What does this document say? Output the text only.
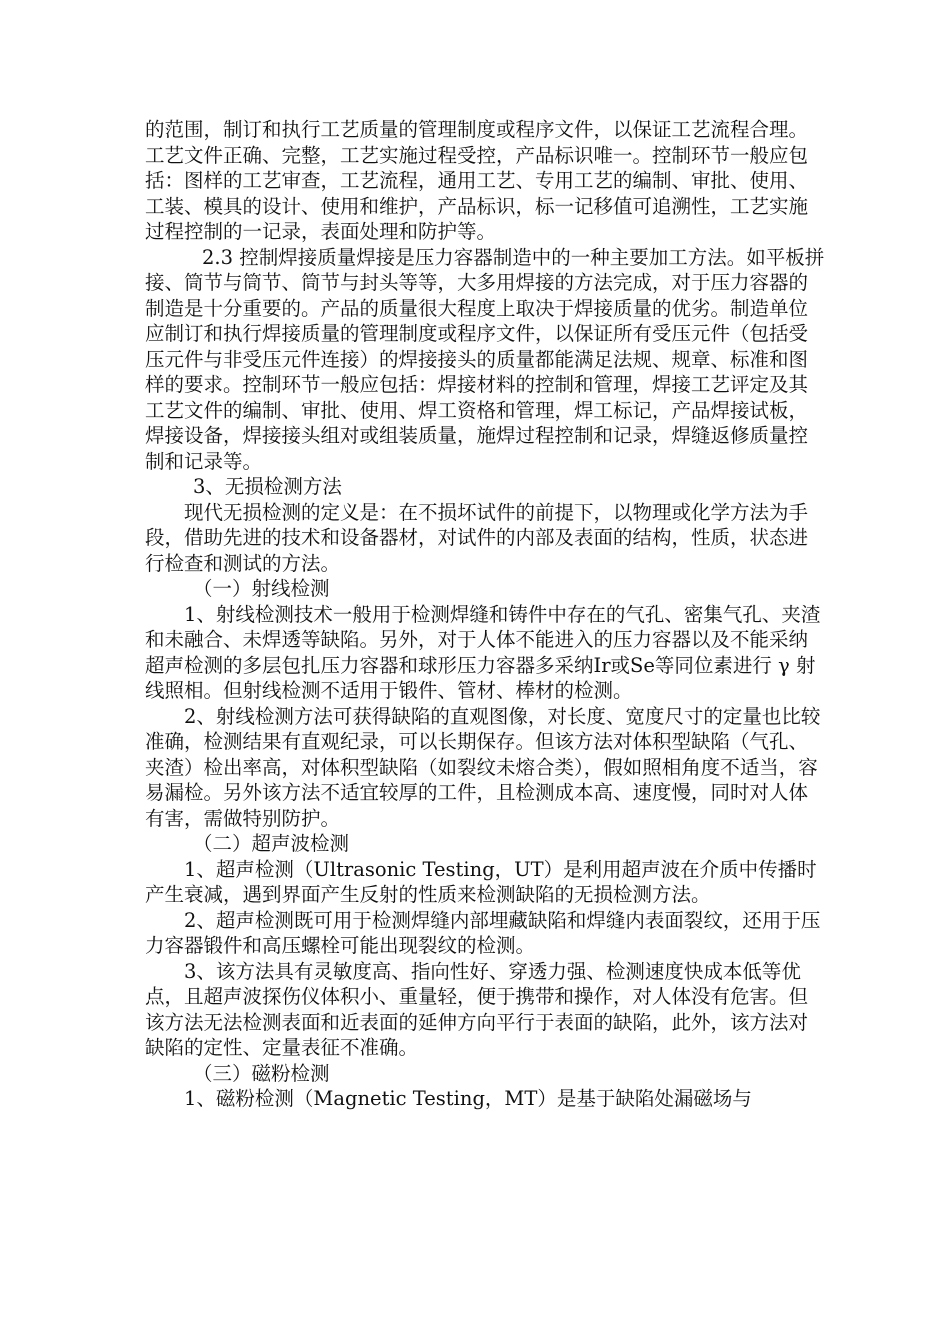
的范围，制订和执行工艺质量的管理制度或程序文件，以保证工艺流程合理。工艺文件正确、完整，工艺实施过程受控，产品标识唯一。控制环节一般应包括：图样的工艺审查，工艺流程，通用工艺、专用工艺的编制、审批、使用、工装、模具的设计、使用和维护，产品标识，标一记移值可追溯性，工艺实施过程控制的一记录，表面处理和防护等。

2.3 控制焊接质量焊接是压力容器制造中的一种主要加工方法。如平板拼接、筒节与筒节、筒节与封头等等，大多用焊接的方法完成，对于压力容器的制造是十分重要的。产品的质量很大程度上取决于焊接质量的优劣。制造单位应制订和执行焊接质量的管理制度或程序文件，以保证所有受压元件（包括受压元件与非受压元件连接）的焊接接头的质量都能满足法规、规章、标准和图样的要求。控制环节一般应包括：焊接材料的控制和管理，焊接工艺评定及其工艺文件的编制、审批、使用、焊工资格和管理，焊工标记，产品焊接试板，焊接设备，焊接接头组对或组装质量，施焊过程控制和记录，焊缝返修质量控制和记录等。

3、无损检测方法

现代无损检测的定义是：在不损坏试件的前提下，以物理或化学方法为手段，借助先进的技术和设备器材，对试件的内部及表面的结构，性质，状态进行检查和测试的方法。

（一）射线检测

1、射线检测技术一般用于检测焊缝和铸件中存在的气孔、密集气孔、夹渣和未融合、未焊透等缺陷。另外，对于人体不能进入的压力容器以及不能采纳超声检测的多层包扎压力容器和球形压力容器多采纳Ir或Se等同位素进行 γ 射线照相。但射线检测不适用于锻件、管材、棒材的检测。

2、射线检测方法可获得缺陷的直观图像，对长度、宽度尺寸的定量也比较准确，检测结果有直观纪录，可以长期保存。但该方法对体积型缺陷（气孔、夹渣）检出率高，对体积型缺陷（如裂纹未熔合类），假如照相角度不适当，容易漏检。另外该方法不适宜较厚的工件，且检测成本高、速度慢，同时对人体有害，需做特别防护。

（二）超声波检测

1、超声检测（Ultrasonic Testing，UT）是利用超声波在介质中传播时产生衰减，遇到界面产生反射的性质来检测缺陷的无损检测方法。

2、超声检测既可用于检测焊缝内部埋藏缺陷和焊缝内表面裂纹，还用于压力容器锻件和高压螺栓可能出现裂纹的检测。

3、该方法具有灵敏度高、指向性好、穿透力强、检测速度快成本低等优点，且超声波探伤仪体积小、重量轻，便于携带和操作，对人体没有危害。但该方法无法检测表面和近表面的延伸方向平行于表面的缺陷，此外，该方法对缺陷的定性、定量表征不准确。

（三）磁粉检测

1、磁粉检测（Magnetic Testing，MT）是基于缺陷处漏磁场与
